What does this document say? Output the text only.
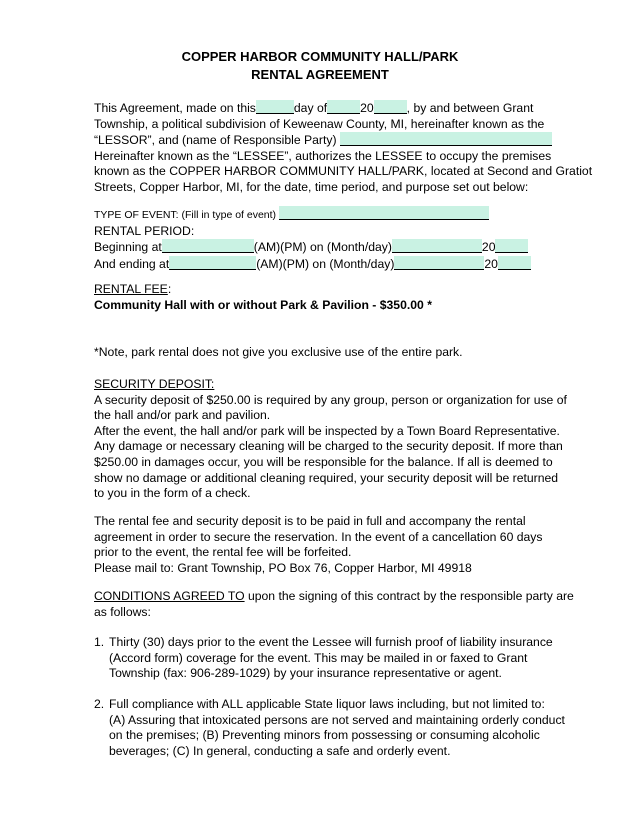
COPPER HARBOR COMMUNITY HALL/PARK
RENTAL AGREEMENT
This Agreement, made on this	day of	20	, by and between Grant
Township, a political subdivision of Keweenaw County, MI, hereinafter known as the
“LESSOR”, and (name of Responsible Party)
Hereinafter known as the “LESSEE”, authorizes the LESSEE to occupy the premises
known as the COPPER HARBOR COMMUNITY HALL/PARK, located at Second and Gratiot
Streets, Copper Harbor, MI, for the date, time period, and purpose set out below:
TYPE OF EVENT: (Fill in type of event)
RENTAL PERIOD:
Beginning at	(AM)(PM) on (Month/day)	20
And ending at	(AM)(PM) on (Month/day)	20
RENTAL FEE:
Community Hall with or without Park & Pavilion - $350.00 *
*Note, park rental does not give you exclusive use of the entire park.
SECURITY DEPOSIT:
A security deposit of $250.00 is required by any group, person or organization for use of
the hall and/or park and pavilion.
After the event, the hall and/or park will be inspected by a Town Board Representative.
Any damage or necessary cleaning will be charged to the security deposit. If more than
$250.00 in damages occur, you will be responsible for the balance. If all is deemed to
show no damage or additional cleaning required, your security deposit will be returned
to you in the form of a check.
The rental fee and security deposit is to be paid in full and accompany the rental
agreement in order to secure the reservation. In the event of a cancellation 60 days
prior to the event, the rental fee will be forfeited.
Please mail to: Grant Township, PO Box 76, Copper Harbor, MI 49918
CONDITIONS AGREED TO upon the signing of this contract by the responsible party are
as follows:
1. Thirty (30) days prior to the event the Lessee will furnish proof of liability insurance
(Accord form) coverage for the event. This may be mailed in or faxed to Grant
Township (fax: 906-289-1029) by your insurance representative or agent.
2. Full compliance with ALL applicable State liquor laws including, but not limited to:
(A) Assuring that intoxicated persons are not served and maintaining orderly conduct
on the premises; (B) Preventing minors from possessing or consuming alcoholic
beverages; (C) In general, conducting a safe and orderly event.
